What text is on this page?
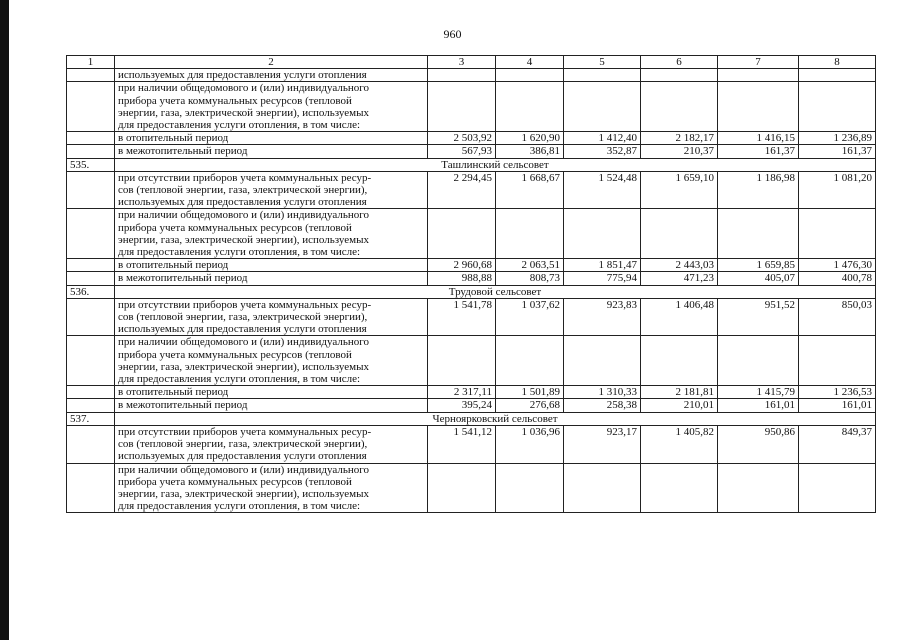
960
1	2	3	4	5	6	7	8
	используемых для предоставления услуги отопления						
	при наличии общедомового и (или) индивидуального
прибора учета коммунальных ресурсов (тепловой
энергии, газа, электрической энергии), используемых
для предоставления услуги отопления, в том числе:						
	в отопительный период	2 503,92	1 620,90	1 412,40	2 182,17	1 416,15	1 236,89
	в межотопительный период	567,93	386,81	352,87	210,37	161,37	161,37
535.	Ташлинский сельсовет						
	при отсутствии приборов учета коммунальных ресур-
сов (тепловой энергии, газа, электрической энергии),
используемых для предоставления услуги отопления	2 294,45	1 668,67	1 524,48	1 659,10	1 186,98	1 081,20
	при наличии общедомового и (или) индивидуального
прибора учета коммунальных ресурсов (тепловой
энергии, газа, электрической энергии), используемых
для предоставления услуги отопления, в том числе:						
	в отопительный период	2 960,68	2 063,51	1 851,47	2 443,03	1 659,85	1 476,30
	в межотопительный период	988,88	808,73	775,94	471,23	405,07	400,78
536.	Трудовой сельсовет						
	при отсутствии приборов учета коммунальных ресур-
сов (тепловой энергии, газа, электрической энергии),
используемых для предоставления услуги отопления	1 541,78	1 037,62	923,83	1 406,48	951,52	850,03
	при наличии общедомового и (или) индивидуального
прибора учета коммунальных ресурсов (тепловой
энергии, газа, электрической энергии), используемых
для предоставления услуги отопления, в том числе:						
	в отопительный период	2 317,11	1 501,89	1 310,33	2 181,81	1 415,79	1 236,53
	в межотопительный период	395,24	276,68	258,38	210,01	161,01	161,01
537.	Черноярковский сельсовет						
	при отсутствии приборов учета коммунальных ресур-
сов (тепловой энергии, газа, электрической энергии),
используемых для предоставления услуги отопления	1 541,12	1 036,96	923,17	1 405,82	950,86	849,37
	при наличии общедомового и (или) индивидуального
прибора учета коммунальных ресурсов (тепловой
энергии, газа, электрической энергии), используемых
для предоставления услуги отопления, в том числе:						
